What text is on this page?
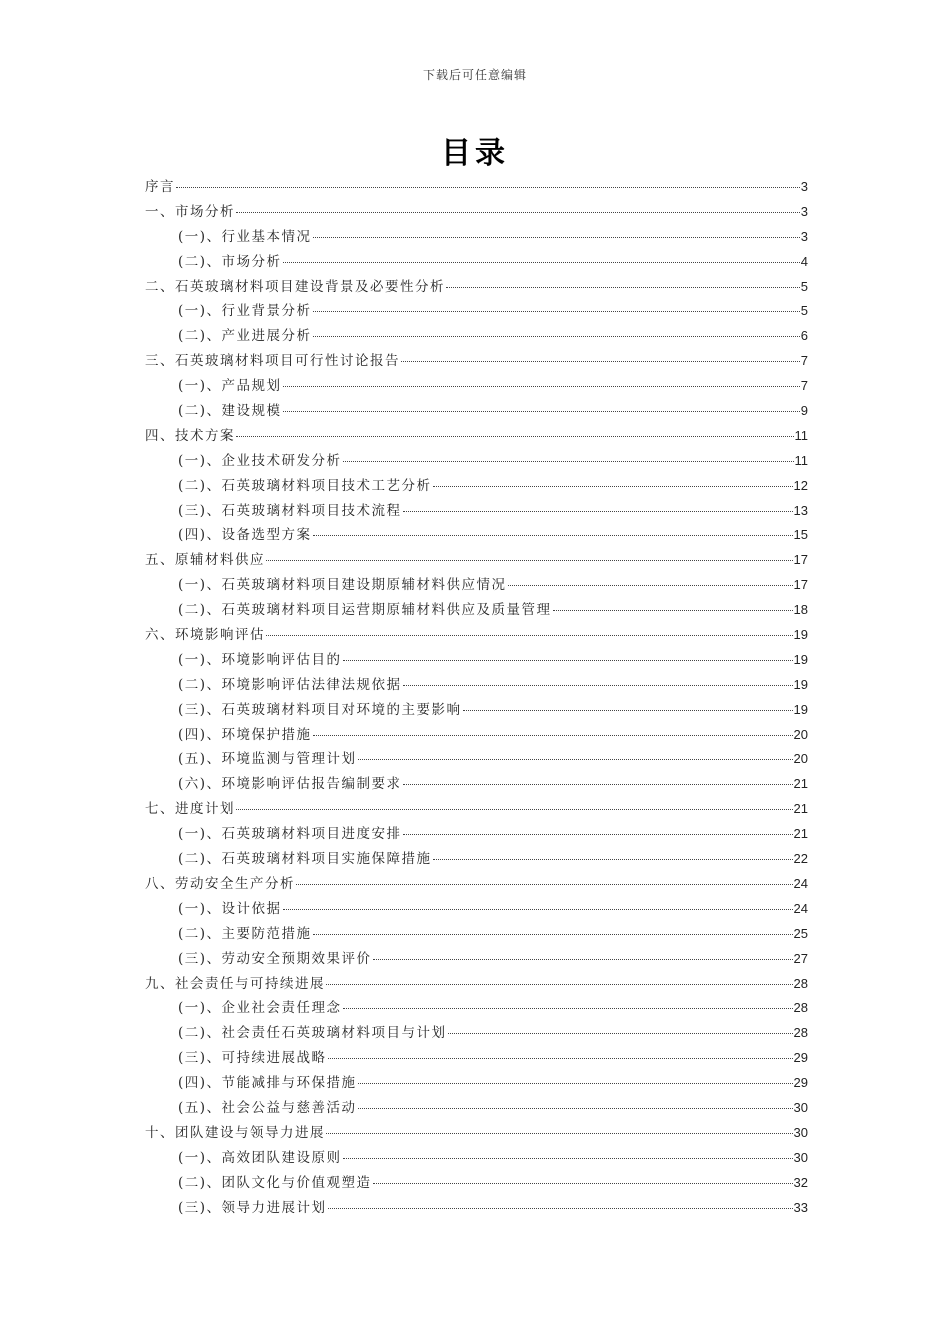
下载后可任意编辑
目录
序言	3
一、市场分析	3
(一)、行业基本情况	3
(二)、市场分析	4
二、石英玻璃材料项目建设背景及必要性分析	5
(一)、行业背景分析	5
(二)、产业进展分析	6
三、石英玻璃材料项目可行性讨论报告	7
(一)、产品规划	7
(二)、建设规模	9
四、技术方案	11
(一)、企业技术研发分析	11
(二)、石英玻璃材料项目技术工艺分析	12
(三)、石英玻璃材料项目技术流程	13
(四)、设备选型方案	15
五、原辅材料供应	17
(一)、石英玻璃材料项目建设期原辅材料供应情况	17
(二)、石英玻璃材料项目运营期原辅材料供应及质量管理	18
六、环境影响评估	19
(一)、环境影响评估目的	19
(二)、环境影响评估法律法规依据	19
(三)、石英玻璃材料项目对环境的主要影响	19
(四)、环境保护措施	20
(五)、环境监测与管理计划	20
(六)、环境影响评估报告编制要求	21
七、进度计划	21
(一)、石英玻璃材料项目进度安排	21
(二)、石英玻璃材料项目实施保障措施	22
八、劳动安全生产分析	24
(一)、设计依据	24
(二)、主要防范措施	25
(三)、劳动安全预期效果评价	27
九、社会责任与可持续进展	28
(一)、企业社会责任理念	28
(二)、社会责任石英玻璃材料项目与计划	28
(三)、可持续进展战略	29
(四)、节能减排与环保措施	29
(五)、社会公益与慈善活动	30
十、团队建设与领导力进展	30
(一)、高效团队建设原则	30
(二)、团队文化与价值观塑造	32
(三)、领导力进展计划	33
